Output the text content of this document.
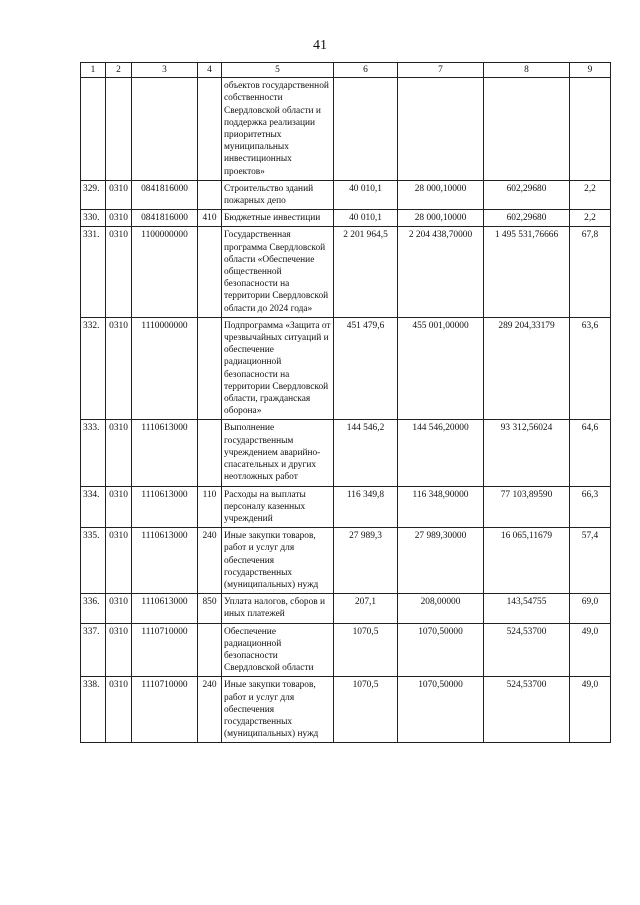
41
1	2	3	4	5	6	7	8	9
				объектов государственной собственности Свердловской области и поддержка реализации приоритетных муниципальных инвестиционных проектов»				
329.	0310	0841816000		Строительство зданий пожарных депо	40 010,1	28 000,10000	602,29680	2,2
330.	0310	0841816000	410	Бюджетные инвестиции	40 010,1	28 000,10000	602,29680	2,2
331.	0310	1100000000		Государственная программа Свердловской области «Обеспечение общественной безопасности на территории Свердловской области до 2024 года»	2 201 964,5	2 204 438,70000	1 495 531,76666	67,8
332.	0310	1110000000		Подпрограмма «Защита от чрезвычайных ситуаций и обеспечение радиационной безопасности на территории Свердловской области, гражданская оборона»	451 479,6	455 001,00000	289 204,33179	63,6
333.	0310	1110613000		Выполнение государственным учреждением аварийно-спасательных и других неотложных работ	144 546,2	144 546,20000	93 312,56024	64,6
334.	0310	1110613000	110	Расходы на выплаты персоналу казенных учреждений	116 349,8	116 348,90000	77 103,89590	66,3
335.	0310	1110613000	240	Иные закупки товаров, работ и услуг для обеспечения государственных (муниципальных) нужд	27 989,3	27 989,30000	16 065,11679	57,4
336.	0310	1110613000	850	Уплата налогов, сборов и иных платежей	207,1	208,00000	143,54755	69,0
337.	0310	1110710000		Обеспечение радиационной безопасности Свердловской области	1070,5	1070,50000	524,53700	49,0
338.	0310	1110710000	240	Иные закупки товаров, работ и услуг для обеспечения государственных (муниципальных) нужд	1070,5	1070,50000	524,53700	49,0
